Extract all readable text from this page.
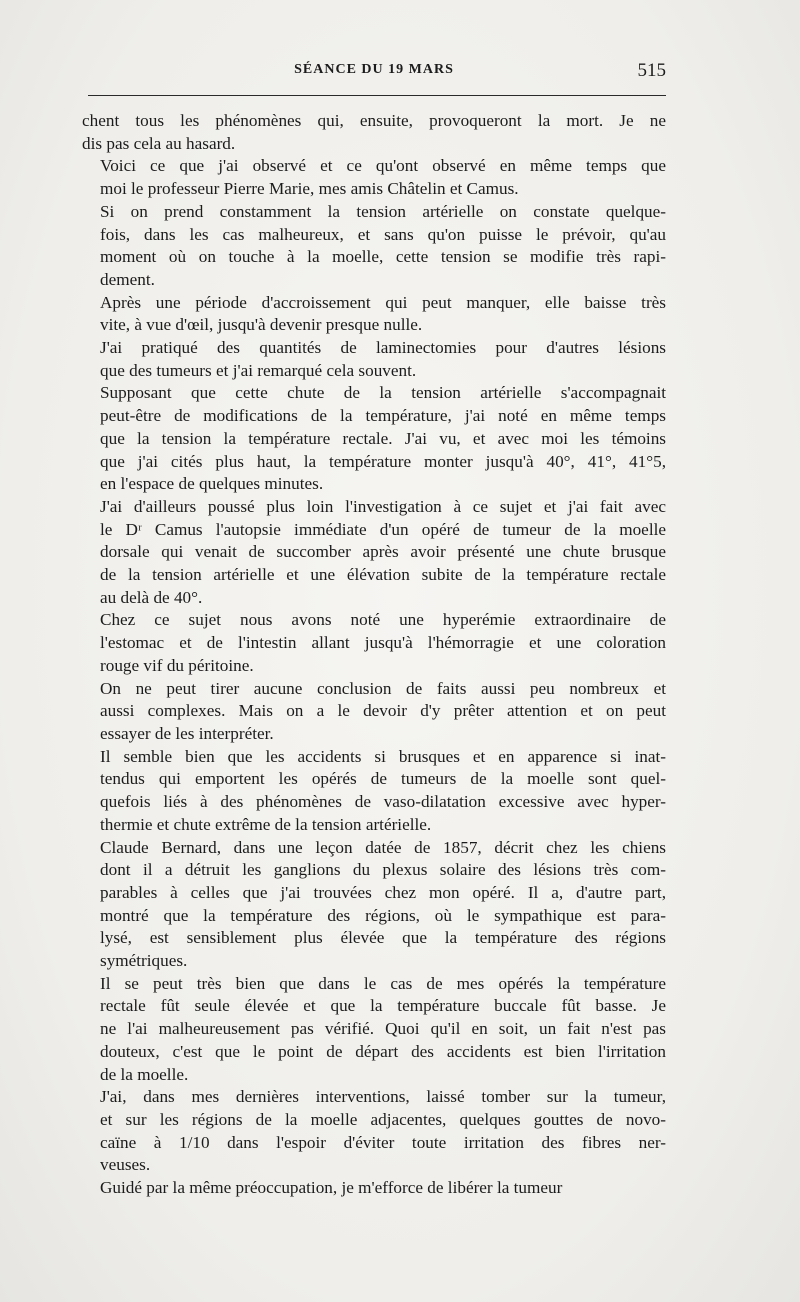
SÉANCE DU 19 MARS	515

chent tous les phénomènes qui, ensuite, provoqueront la mort. Je ne
dis pas cela au hasard.

Voici ce que j'ai observé et ce qu'ont observé en même temps que
moi le professeur Pierre Marie, mes amis Châtelin et Camus.

Si on prend constamment la tension artérielle on constate quelque-
fois, dans les cas malheureux, et sans qu'on puisse le prévoir, qu'au
moment où on touche à la moelle, cette tension se modifie très rapi-
dement.

Après une période d'accroissement qui peut manquer, elle baisse très
vite, à vue d'œil, jusqu'à devenir presque nulle.

J'ai pratiqué des quantités de laminectomies pour d'autres lésions
que des tumeurs et j'ai remarqué cela souvent.

Supposant que cette chute de la tension artérielle s'accompagnait
peut-être de modifications de la température, j'ai noté en même temps
que la tension la température rectale. J'ai vu, et avec moi les témoins
que j'ai cités plus haut, la température monter jusqu'à 40°, 41°, 41°5,
en l'espace de quelques minutes.

J'ai d'ailleurs poussé plus loin l'investigation à ce sujet et j'ai fait avec
le Dʳ Camus l'autopsie immédiate d'un opéré de tumeur de la moelle
dorsale qui venait de succomber après avoir présenté une chute brusque
de la tension artérielle et une élévation subite de la température rectale
au delà de 40°.

Chez ce sujet nous avons noté une hyperémie extraordinaire de
l'estomac et de l'intestin allant jusqu'à l'hémorragie et une coloration
rouge vif du péritoine.

On ne peut tirer aucune conclusion de faits aussi peu nombreux et
aussi complexes. Mais on a le devoir d'y prêter attention et on peut
essayer de les interpréter.

Il semble bien que les accidents si brusques et en apparence si inat-
tendus qui emportent les opérés de tumeurs de la moelle sont quel-
quefois liés à des phénomènes de vaso-dilatation excessive avec hyper-
thermie et chute extrême de la tension artérielle.

Claude Bernard, dans une leçon datée de 1857, décrit chez les chiens
dont il a détruit les ganglions du plexus solaire des lésions très com-
parables à celles que j'ai trouvées chez mon opéré. Il a, d'autre part,
montré que la température des régions, où le sympathique est para-
lysé, est sensiblement plus élevée que la température des régions
symétriques.

Il se peut très bien que dans le cas de mes opérés la température
rectale fût seule élevée et que la température buccale fût basse. Je
ne l'ai malheureusement pas vérifié. Quoi qu'il en soit, un fait n'est pas
douteux, c'est que le point de départ des accidents est bien l'irritation
de la moelle.

J'ai, dans mes dernières interventions, laissé tomber sur la tumeur,
et sur les régions de la moelle adjacentes, quelques gouttes de novo-
caïne à 1/10 dans l'espoir d'éviter toute irritation des fibres ner-
veuses.

Guidé par la même préoccupation, je m'efforce de libérer la tumeur
